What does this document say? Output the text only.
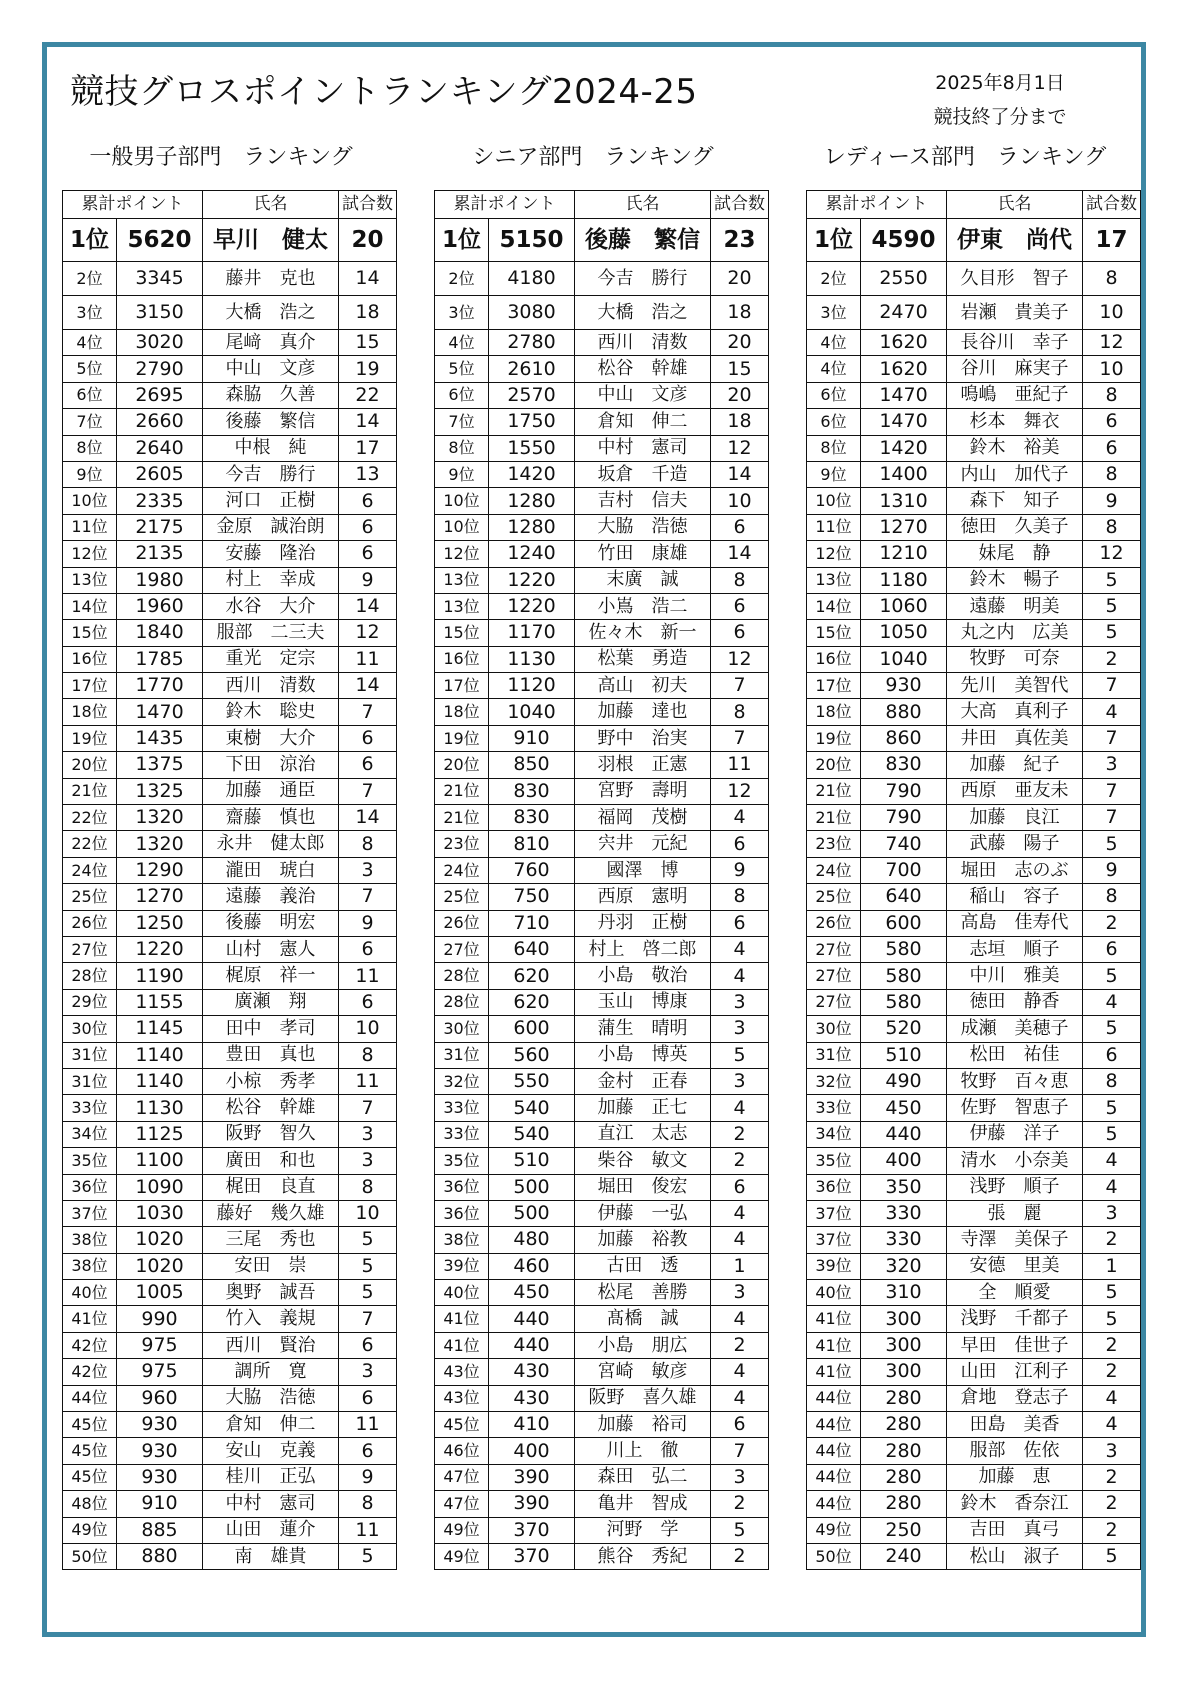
競技グロスポイントランキング2024-25	2025年8月1日
競技終了分まで
一般男子部門　ランキング	シニア部門　ランキング	レディース部門　ランキング
累計ポイント		氏名	試合数
1位	5620	早川　健太	20
2位	3345	藤井　克也	14
3位	3150	大橋　浩之	18
4位	3020	尾﨑　真介	15
5位	2790	中山　文彦	19
6位	2695	森脇　久善	22
7位	2660	後藤　繁信	14
8位	2640	中根　純	17
9位	2605	今吉　勝行	13
10位	2335	河口　正樹	6
11位	2175	金原　誠治朗	6
12位	2135	安藤　隆治	6
13位	1980	村上　幸成	9
14位	1960	水谷　大介	14
15位	1840	服部　二三夫	12
16位	1785	重光　定宗	11
17位	1770	西川　清数	14
18位	1470	鈴木　聡史	7
19位	1435	東樹　大介	6
20位	1375	下田　涼治	6
21位	1325	加藤　通臣	7
22位	1320	齋藤　慎也	14
22位	1320	永井　健太郎	8
24位	1290	瀧田　琥白	3
25位	1270	遠藤　義治	7
26位	1250	後藤　明宏	9
27位	1220	山村　憲人	6
28位	1190	梶原　祥一	11
29位	1155	廣瀬　翔	6
30位	1145	田中　孝司	10
31位	1140	豊田　真也	8
31位	1140	小椋　秀孝	11
33位	1130	松谷　幹雄	7
34位	1125	阪野　智久	3
35位	1100	廣田　和也	3
36位	1090	梶田　良直	8
37位	1030	藤好　幾久雄	10
38位	1020	三尾　秀也	5
38位	1020	安田　崇	5
40位	1005	奥野　誠吾	5
41位	990	竹入　義規	7
42位	975	西川　賢治	6
42位	975	調所　寛	3
44位	960	大脇　浩徳	6
45位	930	倉知　伸二	11
45位	930	安山　克義	6
45位	930	桂川　正弘	9
48位	910	中村　憲司	8
49位	885	山田　蓮介	11
50位	880	南　雄貴	5
累計ポイント		氏名	試合数
1位	5150	後藤　繁信	23
2位	4180	今吉　勝行	20
3位	3080	大橋　浩之	18
4位	2780	西川　清数	20
5位	2610	松谷　幹雄	15
6位	2570	中山　文彦	20
7位	1750	倉知　伸二	18
8位	1550	中村　憲司	12
9位	1420	坂倉　千造	14
10位	1280	吉村　信夫	10
10位	1280	大脇　浩徳	6
12位	1240	竹田　康雄	14
13位	1220	末廣　誠	8
13位	1220	小嶌　浩二	6
15位	1170	佐々木　新一	6
16位	1130	松葉　勇造	12
17位	1120	高山　初夫	7
18位	1040	加藤　達也	8
19位	910	野中　治実	7
20位	850	羽根　正憲	11
21位	830	宮野　壽明	12
21位	830	福岡　茂樹	4
23位	810	宍井　元紀	6
24位	760	國澤　博	9
25位	750	西原　憲明	8
26位	710	丹羽　正樹	6
27位	640	村上　啓二郎	4
28位	620	小島　敬治	4
28位	620	玉山　博康	3
30位	600	蒲生　晴明	3
31位	560	小島　博英	5
32位	550	金村　正春	3
33位	540	加藤　正七	4
33位	540	直江　太志	2
35位	510	柴谷　敏文	2
36位	500	堀田　俊宏	6
36位	500	伊藤　一弘	4
38位	480	加藤　裕教	4
39位	460	古田　透	1
40位	450	松尾　善勝	3
41位	440	髙橋　誠	4
41位	440	小島　朋広	2
43位	430	宮崎　敏彦	4
43位	430	阪野　喜久雄	4
45位	410	加藤　裕司	6
46位	400	川上　徹	7
47位	390	森田　弘二	3
47位	390	亀井　智成	2
49位	370	河野　学	5
49位	370	熊谷　秀紀	2
累計ポイント		氏名	試合数
1位	4590	伊東　尚代	17
2位	2550	久目形　智子	8
3位	2470	岩瀬　貴美子	10
4位	1620	長谷川　幸子	12
4位	1620	谷川　麻実子	10
6位	1470	鳴嶋　亜紀子	8
6位	1470	杉本　舞衣	6
8位	1420	鈴木　裕美	6
9位	1400	内山　加代子	8
10位	1310	森下　知子	9
11位	1270	徳田　久美子	8
12位	1210	妹尾　静	12
13位	1180	鈴木　暢子	5
14位	1060	遠藤　明美	5
15位	1050	丸之内　広美	5
16位	1040	牧野　可奈	2
17位	930	先川　美智代	7
18位	880	大高　真利子	4
19位	860	井田　真佐美	7
20位	830	加藤　紀子	3
21位	790	西原　亜友未	7
21位	790	加藤　良江	7
23位	740	武藤　陽子	5
24位	700	堀田　志のぶ	9
25位	640	稲山　容子	8
26位	600	高島　佳寿代	2
27位	580	志垣　順子	6
27位	580	中川　雅美	5
27位	580	徳田　静香	4
30位	520	成瀬　美穂子	5
31位	510	松田　祐佳	6
32位	490	牧野　百々恵	8
33位	450	佐野　智恵子	5
34位	440	伊藤　洋子	5
35位	400	清水　小奈美	4
36位	350	浅野　順子	4
37位	330	張　麗	3
37位	330	寺澤　美保子	2
39位	320	安德　里美	1
40位	310	全　順愛	5
41位	300	浅野　千都子	5
41位	300	早田　佳世子	2
41位	300	山田　江利子	2
44位	280	倉地　登志子	4
44位	280	田島　美香	4
44位	280	服部　佐依	3
44位	280	加藤　恵	2
44位	280	鈴木　香奈江	2
49位	250	吉田　真弓	2
50位	240	松山　淑子	5
